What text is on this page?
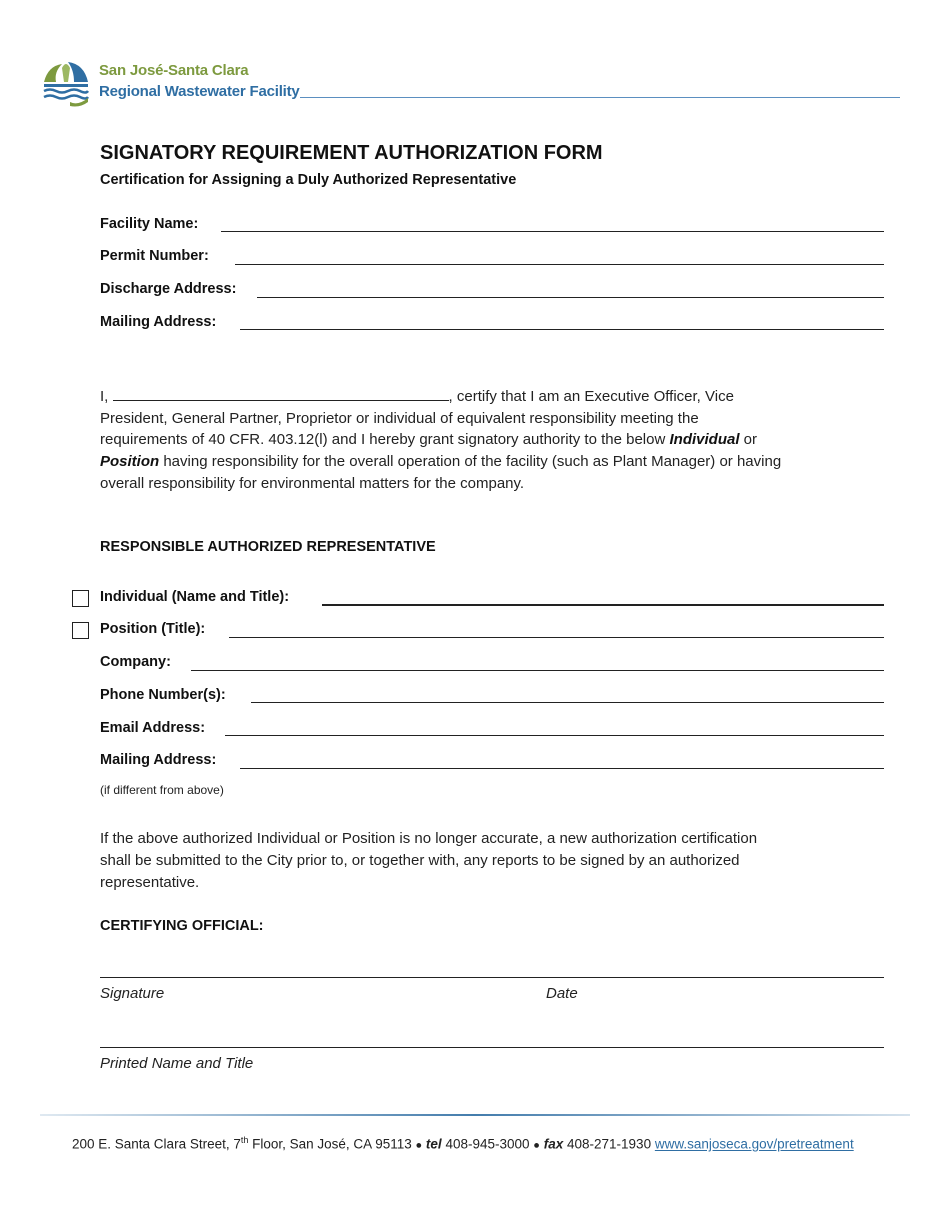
San José-Santa Clara
Regional Wastewater Facility
SIGNATORY REQUIREMENT AUTHORIZATION FORM
Certification for Assigning a Duly Authorized Representative
Facility Name:
Permit Number:
Discharge Address:
Mailing Address:
I,	, certify that I am an Executive Officer, Vice
President, General Partner, Proprietor or individual of equivalent responsibility meeting the
requirements of 40 CFR. 403.12(l) and I hereby grant signatory authority to the below Individual or
Position having responsibility for the overall operation of the facility (such as Plant Manager) or having
overall responsibility for environmental matters for the company.
RESPONSIBLE AUTHORIZED REPRESENTATIVE
Individual (Name and Title):
Position (Title):
Company:
Phone Number(s):
Email Address:
Mailing Address:
(if different from above)
If the above authorized Individual or Position is no longer accurate, a new authorization certification
shall be submitted to the City prior to, or together with, any reports to be signed by an authorized
representative.
CERTIFYING OFFICIAL:
Signature	Date
Printed Name and Title
200 E. Santa Clara Street, 7th Floor, San José, CA 95113 ● tel 408-945-3000 ● fax 408-271-1930 www.sanjoseca.gov/pretreatment
